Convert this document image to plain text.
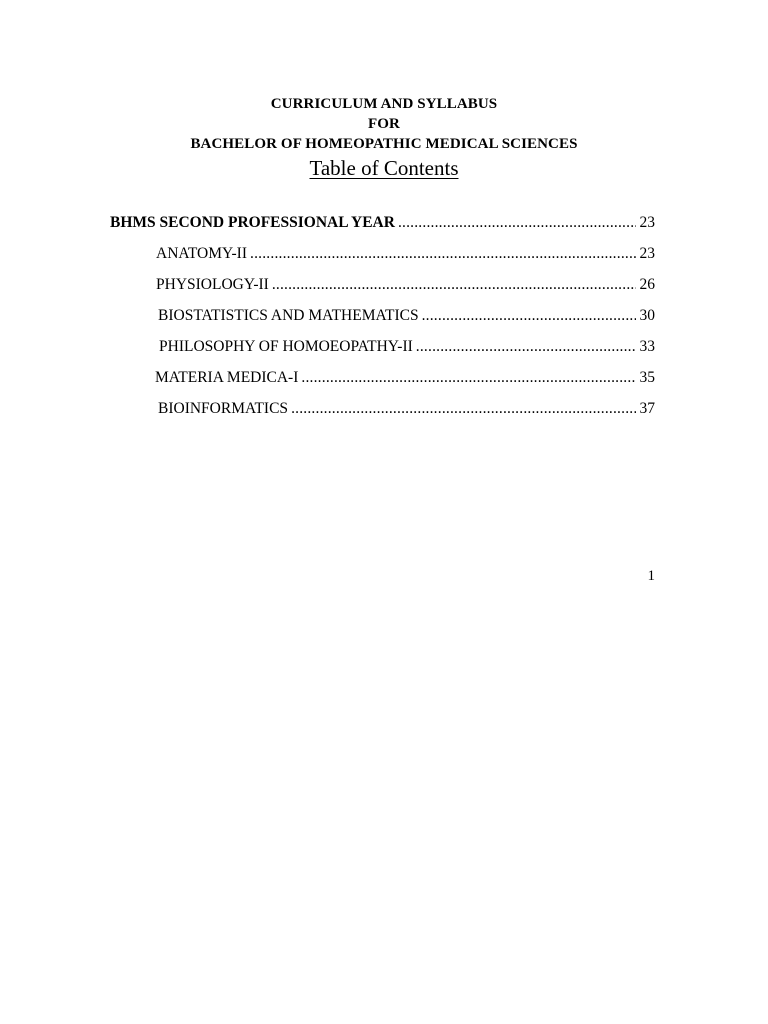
CURRICULUM AND SYLLABUS
FOR
BACHELOR OF HOMEOPATHIC MEDICAL SCIENCES
Table of Contents
BHMS SECOND PROFESSIONAL YEAR .....	23
ANATOMY-II .....	23
PHYSIOLOGY-II .....	26
BIOSTATISTICS AND MATHEMATICS .....	30
PHILOSOPHY OF HOMOEOPATHY-II .....	33
MATERIA MEDICA-I .....	35
BIOINFORMATICS .....	37
1
